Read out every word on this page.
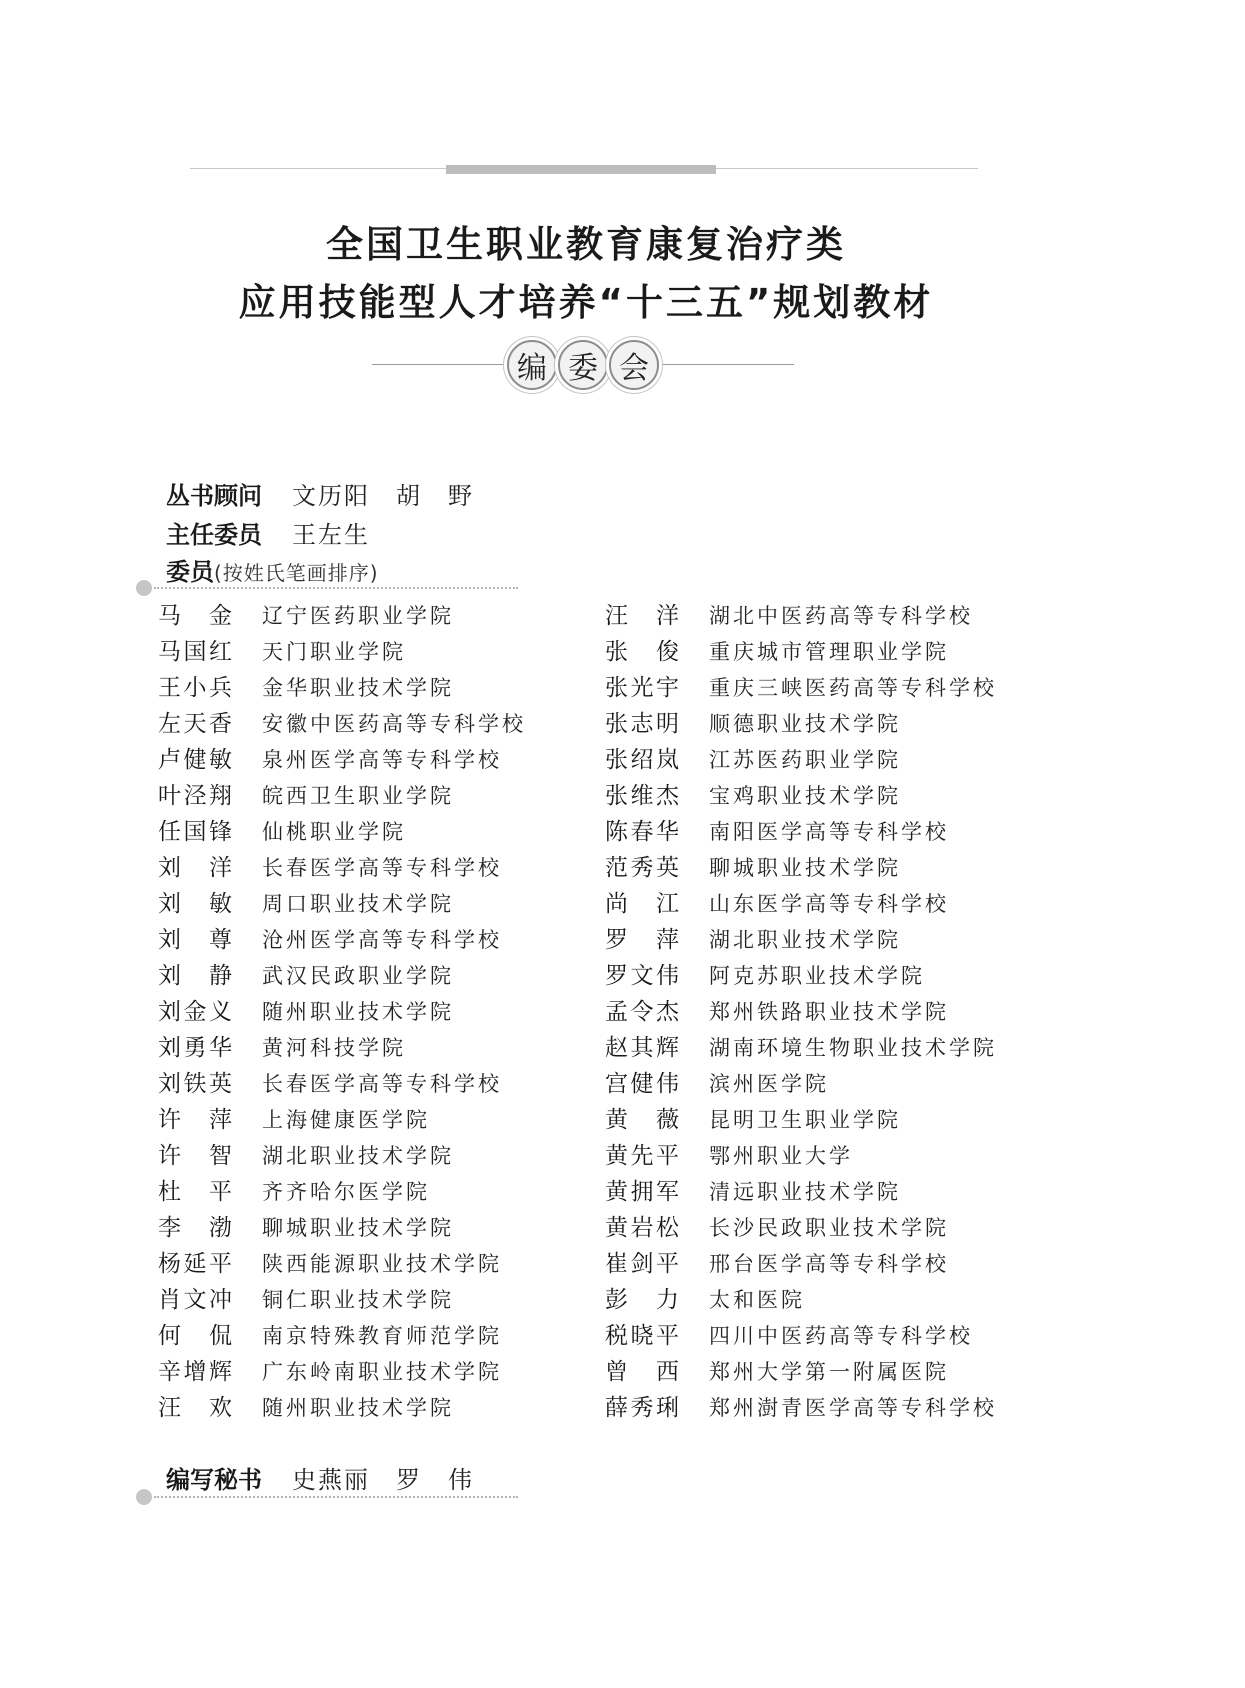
全国卫生职业教育康复治疗类
应用技能型人才培养“十三五”规划教材
编 委 会
丛书顾问 文历阳　胡　野
主任委员 王左生
委员(按姓氏笔画排序)
马 金 辽宁医药职业学院
马 国 红 天门职业学院
王 小 兵 金华职业技术学院
左 天 香 安徽中医药高等专科学校
卢 健 敏 泉州医学高等专科学校
叶 泾 翔 皖西卫生职业学院
任 国 锋 仙桃职业学院
刘 洋 长春医学高等专科学校
刘 敏 周口职业技术学院
刘 尊 沧州医学高等专科学校
刘 静 武汉民政职业学院
刘 金 义 随州职业技术学院
刘 勇 华 黄河科技学院
刘 铁 英 长春医学高等专科学校
许 萍 上海健康医学院
许 智 湖北职业技术学院
杜 平 齐齐哈尔医学院
李 渤 聊城职业技术学院
杨 延 平 陕西能源职业技术学院
肖 文 冲 铜仁职业技术学院
何 侃 南京特殊教育师范学院
辛 增 辉 广东岭南职业技术学院
汪 欢 随州职业技术学院
汪 洋 湖北中医药高等专科学校
张 俊 重庆城市管理职业学院
张 光 宇 重庆三峡医药高等专科学校
张 志 明 顺德职业技术学院
张 绍 岚 江苏医药职业学院
张 维 杰 宝鸡职业技术学院
陈 春 华 南阳医学高等专科学校
范 秀 英 聊城职业技术学院
尚 江 山东医学高等专科学校
罗 萍 湖北职业技术学院
罗 文 伟 阿克苏职业技术学院
孟 令 杰 郑州铁路职业技术学院
赵 其 辉 湖南环境生物职业技术学院
宫 健 伟 滨州医学院
黄 薇 昆明卫生职业学院
黄 先 平 鄂州职业大学
黄 拥 军 清远职业技术学院
黄 岩 松 长沙民政职业技术学院
崔 剑 平 邢台医学高等专科学校
彭 力 太和医院
税 晓 平 四川中医药高等专科学校
曾 西 郑州大学第一附属医院
薛 秀 琍 郑州澍青医学高等专科学校
编写秘书 史燕丽　罗　伟
